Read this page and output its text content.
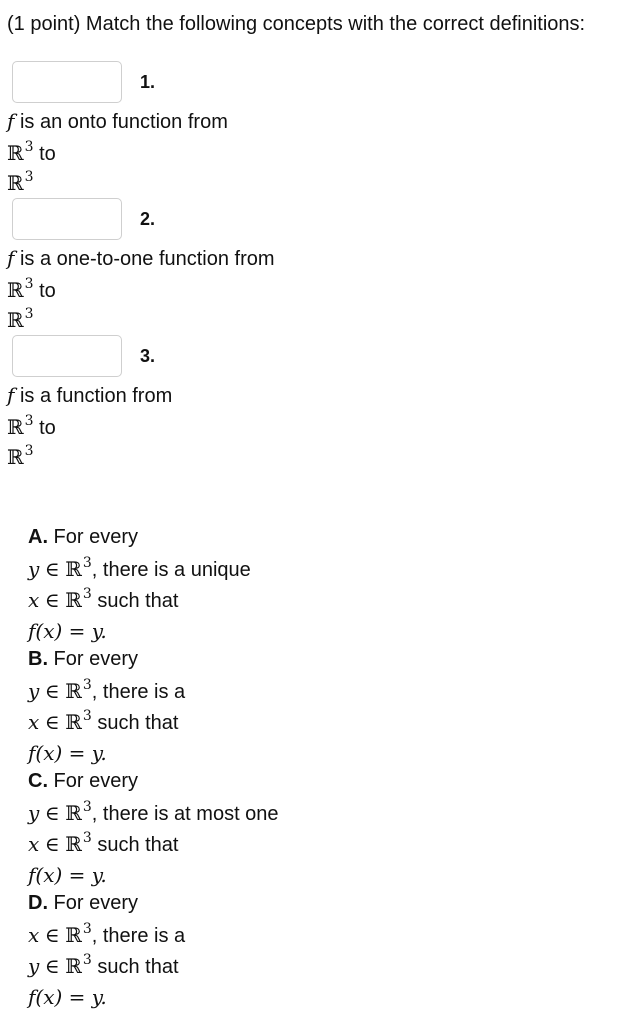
(1 point) Match the following concepts with the correct definitions:
1.
f is an onto function from
ℝ$^3$ to
ℝ$^3$
2.
f is a one-to-one function from
ℝ$^3$ to
ℝ$^3$
3.
f is a function from
ℝ$^3$ to
ℝ$^3$
A. For every
y ∈ ℝ$^3$, there is a unique
x ∈ ℝ$^3$ such that
f(x) = y.
B. For every
y ∈ ℝ$^3$, there is a
x ∈ ℝ$^3$ such that
f(x) = y.
C. For every
y ∈ ℝ$^3$, there is at most one
x ∈ ℝ$^3$ such that
f(x) = y.
D. For every
x ∈ ℝ$^3$, there is a
y ∈ ℝ$^3$ such that
f(x) = y.
